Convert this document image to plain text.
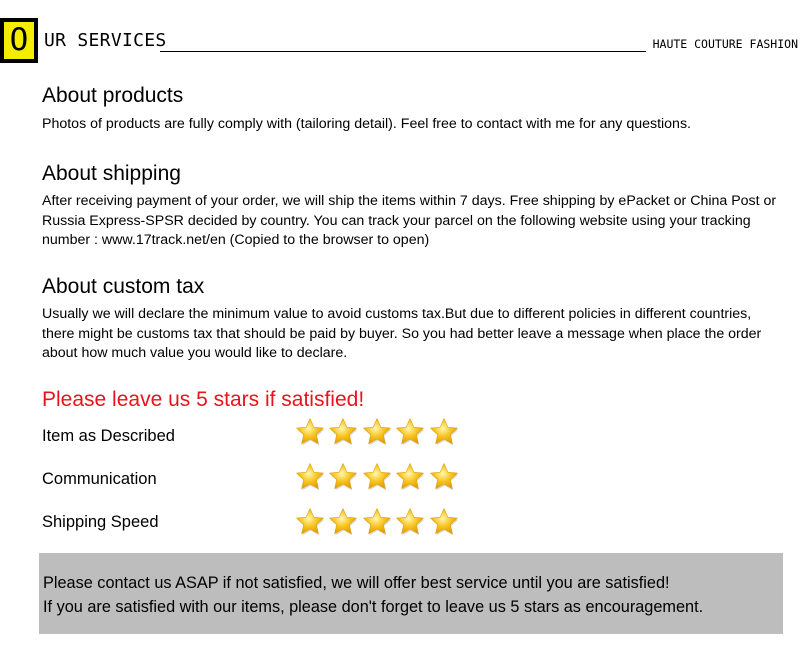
O UR SERVICES	HAUTE COUTURE FASHION
About products
Photos of products are fully comply with (tailoring detail). Feel free to contact with me for any questions.
About shipping
After receiving payment of your order, we will ship the items within 7 days. Free shipping by ePacket or China Post or Russia Express-SPSR decided by country. You can track your parcel on the following website using your tracking number : www.17track.net/en (Copied to the browser to open)
About custom tax
Usually we will declare the minimum value to avoid customs tax.But due to different policies in different countries, there might be customs tax that should be paid by buyer. So you had better leave a message when place the order about how much value you would like to declare.
Please leave us 5 stars if satisfied!
Item as Described
Communication
Shipping Speed
Please contact us ASAP if not satisfied, we will offer best service until you are satisfied!
If you are satisfied with our items, please don't forget to leave us 5 stars as encouragement.
